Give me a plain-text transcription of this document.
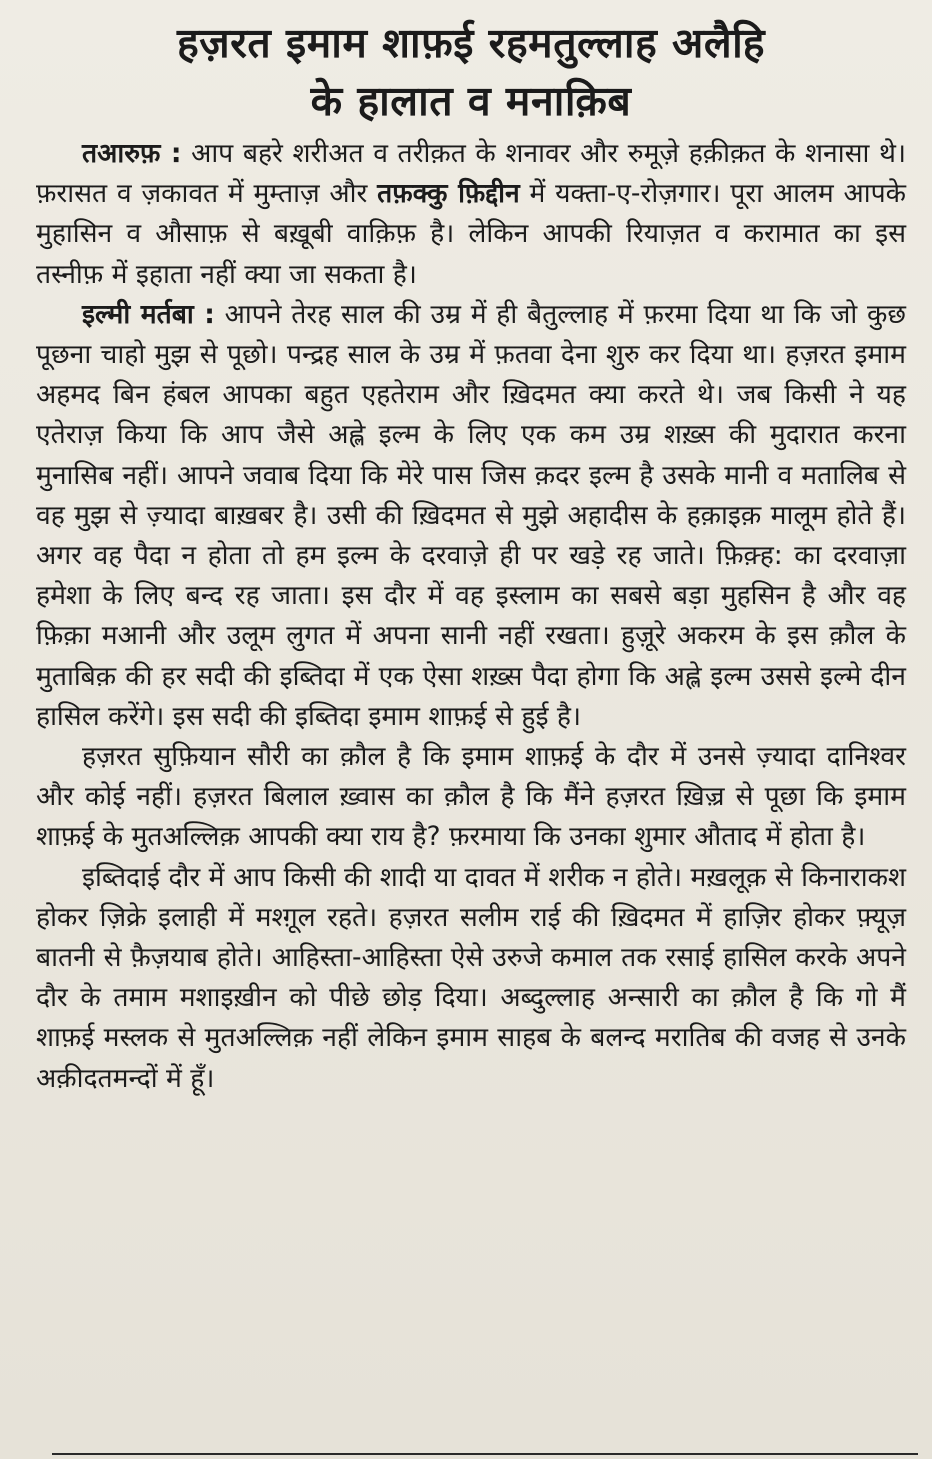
हज़रत इमाम शाफ़ई रहमतुल्लाह अलैहि
के हालात व मनाक़िब

तआरुफ़ : आप बहरे शरीअत व तरीक़त के शनावर और रुमूज़े हक़ीक़त के शनासा थे। फ़रासत व ज़कावत में मुम्ताज़ और तफ़क्कु फ़िद्दीन में यक्ता-ए-रोज़गार। पूरा आलम आपके मुहासिन व औसाफ़ से बख़ूबी वाक़िफ़ है। लेकिन आपकी रियाज़त व करामात का इस तस्नीफ़ में इहाता नहीं क्या जा सकता है।

इल्मी मर्तबा : आपने तेरह साल की उम्र में ही बैतुल्लाह में फ़रमा दिया था कि जो कुछ पूछना चाहो मुझ से पूछो। पन्द्रह साल के उम्र में फ़तवा देना शुरु कर दिया था। हज़रत इमाम अहमद बिन हंबल आपका बहुत एहतेराम और ख़िदमत क्या करते थे। जब किसी ने यह एतेराज़ किया कि आप जैसे अह्ले इल्म के लिए एक कम उम्र शख़्स की मुदारात करना मुनासिब नहीं। आपने जवाब दिया कि मेरे पास जिस क़दर इल्म है उसके मानी व मतालिब से वह मुझ से ज़्यादा बाख़बर है। उसी की ख़िदमत से मुझे अहादीस के हक़ाइक़ मालूम होते हैं। अगर वह पैदा न होता तो हम इल्म के दरवाज़े ही पर खड़े रह जाते। फ़िक़्ह: का दरवाज़ा हमेशा के लिए बन्द रह जाता। इस दौर में वह इस्लाम का सबसे बड़ा मुहसिन है और वह फ़िक़ा मआनी और उलूम लुगत में अपना सानी नहीं रखता। हुज़ूरे अकरम के इस क़ौल के मुताबिक़ की हर सदी की इब्तिदा में एक ऐसा शख़्स पैदा होगा कि अह्ले इल्म उससे इल्मे दीन हासिल करेंगे। इस सदी की इब्तिदा इमाम शाफ़ई से हुई है।

हज़रत सुफ़ियान सौरी का क़ौल है कि इमाम शाफ़ई के दौर में उनसे ज़्यादा दानिश्वर और कोई नहीं। हज़रत बिलाल ख़्वास का क़ौल है कि मैंने हज़रत ख़िज़्र से पूछा कि इमाम शाफ़ई के मुतअल्लिक़ आपकी क्या राय है? फ़रमाया कि उनका शुमार औताद में होता है।

इब्तिदाई दौर में आप किसी की शादी या दावत में शरीक न होते। मख़लूक़ से किनाराकश होकर ज़िक्रे इलाही में मश्ग़ूल रहते। हज़रत सलीम राई की ख़िदमत में हाज़िर होकर फ़्यूज़ बातनी से फ़ैज़याब होते। आहिस्ता-आहिस्ता ऐसे उरुजे कमाल तक रसाई हासिल करके अपने दौर के तमाम मशाइख़ीन को पीछे छोड़ दिया। अब्दुल्लाह अन्सारी का क़ौल है कि गो मैं शाफ़ई मस्लक से मुतअल्लिक़ नहीं लेकिन इमाम साहब के बलन्द मरातिब की वजह से उनके अक़ीदतमन्दों में हूँ।
